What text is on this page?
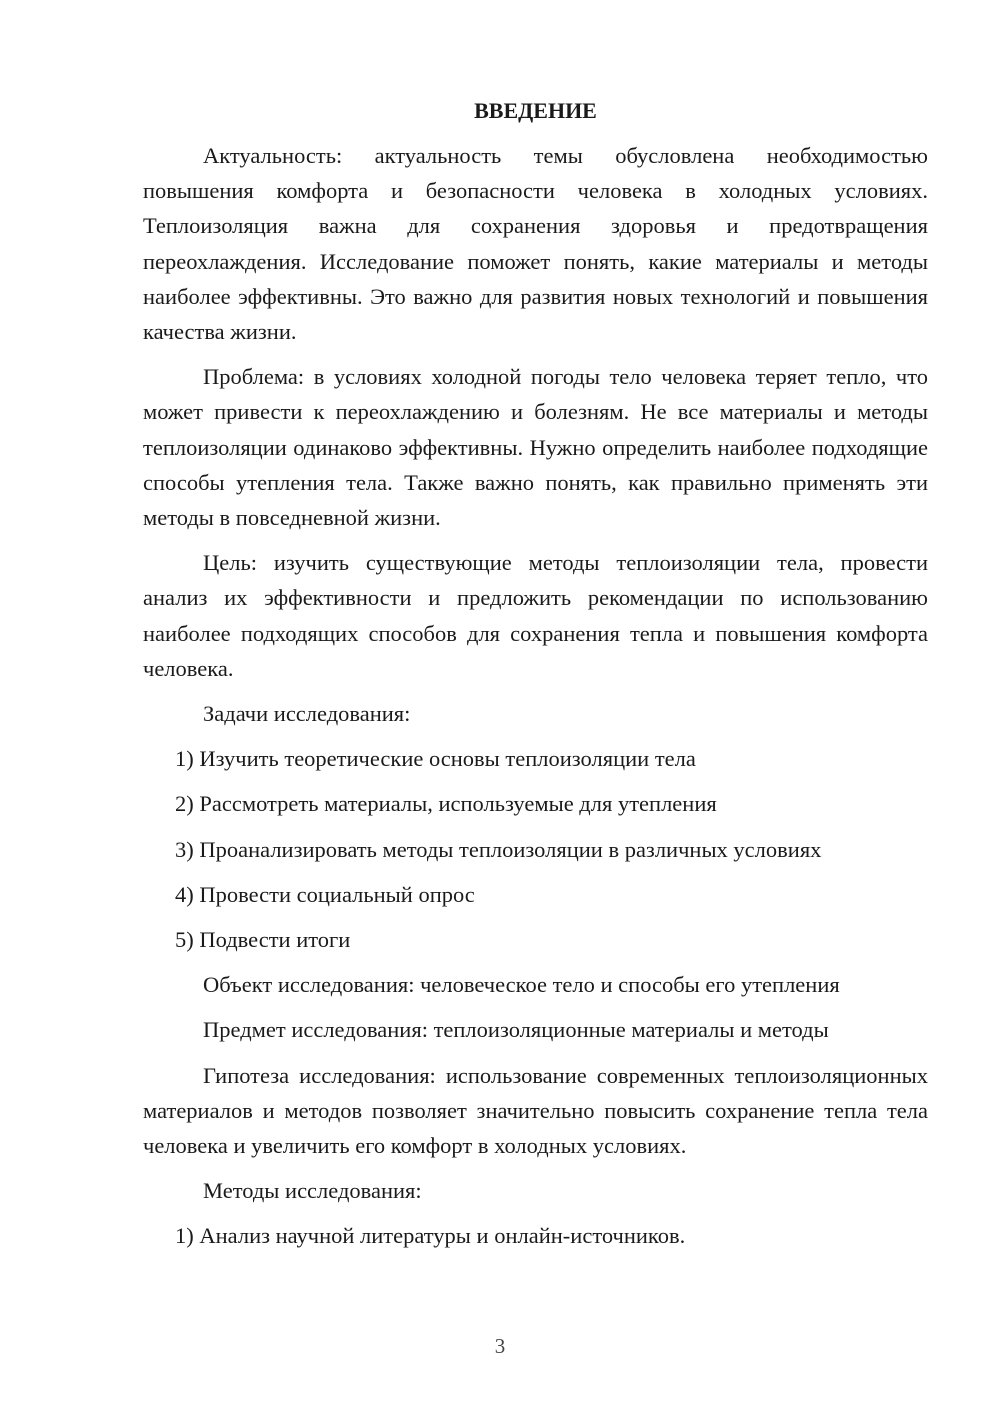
ВВЕДЕНИЕ

Актуальность: актуальность темы обусловлена необходимостью повышения комфорта и безопасности человека в холодных условиях. Теплоизоляция важна для сохранения здоровья и предотвращения переохлаждения. Исследование поможет понять, какие материалы и методы наиболее эффективны. Это важно для развития новых технологий и повышения качества жизни.

Проблема: в условиях холодной погоды тело человека теряет тепло, что может привести к переохлаждению и болезням. Не все материалы и методы теплоизоляции одинаково эффективны. Нужно определить наиболее подходящие способы утепления тела. Также важно понять, как правильно применять эти методы в повседневной жизни.

Цель: изучить существующие методы теплоизоляции тела, провести анализ их эффективности и предложить рекомендации по использованию наиболее подходящих способов для сохранения тепла и повышения комфорта человека.

Задачи исследования:
1) Изучить теоретические основы теплоизоляции тела
2) Рассмотреть материалы, используемые для утепления
3) Проанализировать методы теплоизоляции в различных условиях
4) Провести социальный опрос
5) Подвести итоги
Объект исследования: человеческое тело и способы его утепления
Предмет исследования: теплоизоляционные материалы и методы

Гипотеза исследования: использование современных теплоизоляционных материалов и методов позволяет значительно повысить сохранение тепла тела человека и увеличить его комфорт в холодных условиях.

Методы исследования:
1) Анализ научной литературы и онлайн-источников.
3
